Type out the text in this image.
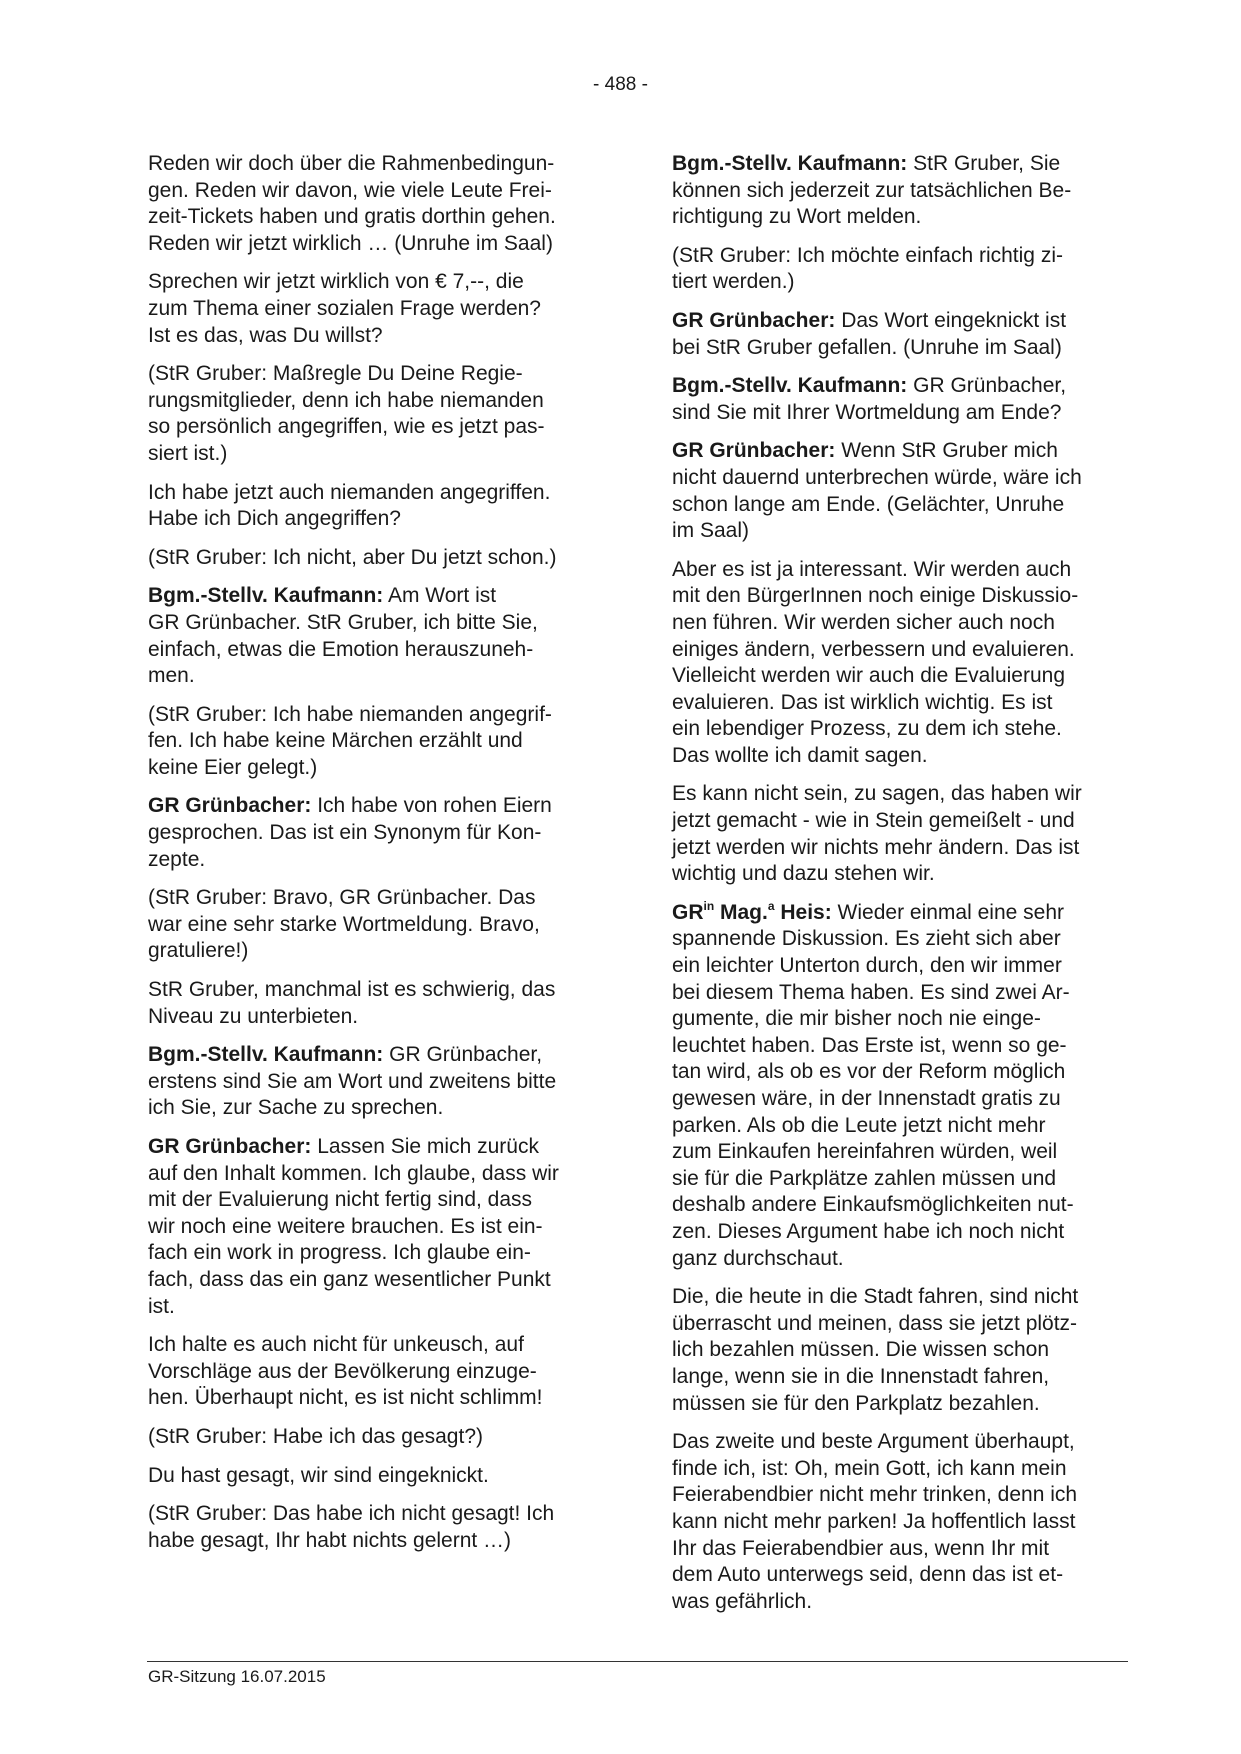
- 488 -

Reden wir doch über die Rahmenbedingun-
gen. Reden wir davon, wie viele Leute Frei-
zeit-Tickets haben und gratis dorthin gehen.
Reden wir jetzt wirklich … (Unruhe im Saal)

Sprechen wir jetzt wirklich von € 7,--, die
zum Thema einer sozialen Frage werden?
Ist es das, was Du willst?

(StR Gruber: Maßregle Du Deine Regie-
rungsmitglieder, denn ich habe niemanden
so persönlich angegriffen, wie es jetzt pas-
siert ist.)

Ich habe jetzt auch niemanden angegriffen.
Habe ich Dich angegriffen?

(StR Gruber: Ich nicht, aber Du jetzt schon.)

Bgm.-Stellv. Kaufmann: Am Wort ist
GR Grünbacher. StR Gruber, ich bitte Sie,
einfach, etwas die Emotion herauszuneh-
men.

(StR Gruber: Ich habe niemanden angegrif-
fen. Ich habe keine Märchen erzählt und
keine Eier gelegt.)

GR Grünbacher: Ich habe von rohen Eiern
gesprochen. Das ist ein Synonym für Kon-
zepte.

(StR Gruber: Bravo, GR Grünbacher. Das
war eine sehr starke Wortmeldung. Bravo,
gratuliere!)

StR Gruber, manchmal ist es schwierig, das
Niveau zu unterbieten.

Bgm.-Stellv. Kaufmann: GR Grünbacher,
erstens sind Sie am Wort und zweitens bitte
ich Sie, zur Sache zu sprechen.

GR Grünbacher: Lassen Sie mich zurück
auf den Inhalt kommen. Ich glaube, dass wir
mit der Evaluierung nicht fertig sind, dass
wir noch eine weitere brauchen. Es ist ein-
fach ein work in progress. Ich glaube ein-
fach, dass das ein ganz wesentlicher Punkt
ist.

Ich halte es auch nicht für unkeusch, auf
Vorschläge aus der Bevölkerung einzuge-
hen. Überhaupt nicht, es ist nicht schlimm!

(StR Gruber: Habe ich das gesagt?)

Du hast gesagt, wir sind eingeknickt.

(StR Gruber: Das habe ich nicht gesagt! Ich
habe gesagt, Ihr habt nichts gelernt …)

Bgm.-Stellv. Kaufmann: StR Gruber, Sie
können sich jederzeit zur tatsächlichen Be-
richtigung zu Wort melden.

(StR Gruber: Ich möchte einfach richtig zi-
tiert werden.)

GR Grünbacher: Das Wort eingeknickt ist
bei StR Gruber gefallen. (Unruhe im Saal)

Bgm.-Stellv. Kaufmann: GR Grünbacher,
sind Sie mit Ihrer Wortmeldung am Ende?

GR Grünbacher: Wenn StR Gruber mich
nicht dauernd unterbrechen würde, wäre ich
schon lange am Ende. (Gelächter, Unruhe
im Saal)

Aber es ist ja interessant. Wir werden auch
mit den BürgerInnen noch einige Diskussio-
nen führen. Wir werden sicher auch noch
einiges ändern, verbessern und evaluieren.
Vielleicht werden wir auch die Evaluierung
evaluieren. Das ist wirklich wichtig. Es ist
ein lebendiger Prozess, zu dem ich stehe.
Das wollte ich damit sagen.

Es kann nicht sein, zu sagen, das haben wir
jetzt gemacht - wie in Stein gemeißelt - und
jetzt werden wir nichts mehr ändern. Das ist
wichtig und dazu stehen wir.

$GR^{in}$ Mag.$^a$ Heis: Wieder einmal eine sehr
spannende Diskussion. Es zieht sich aber
ein leichter Unterton durch, den wir immer
bei diesem Thema haben. Es sind zwei Ar-
gumente, die mir bisher noch nie einge-
leuchtet haben. Das Erste ist, wenn so ge-
tan wird, als ob es vor der Reform möglich
gewesen wäre, in der Innenstadt gratis zu
parken. Als ob die Leute jetzt nicht mehr
zum Einkaufen hereinfahren würden, weil
sie für die Parkplätze zahlen müssen und
deshalb andere Einkaufsmöglichkeiten nut-
zen. Dieses Argument habe ich noch nicht
ganz durchschaut.

Die, die heute in die Stadt fahren, sind nicht
überrascht und meinen, dass sie jetzt plötz-
lich bezahlen müssen. Die wissen schon
lange, wenn sie in die Innenstadt fahren,
müssen sie für den Parkplatz bezahlen.

Das zweite und beste Argument überhaupt,
finde ich, ist: Oh, mein Gott, ich kann mein
Feierabendbier nicht mehr trinken, denn ich
kann nicht mehr parken! Ja hoffentlich lasst
Ihr das Feierabendbier aus, wenn Ihr mit
dem Auto unterwegs seid, denn das ist et-
was gefährlich.

GR-Sitzung 16.07.2015
